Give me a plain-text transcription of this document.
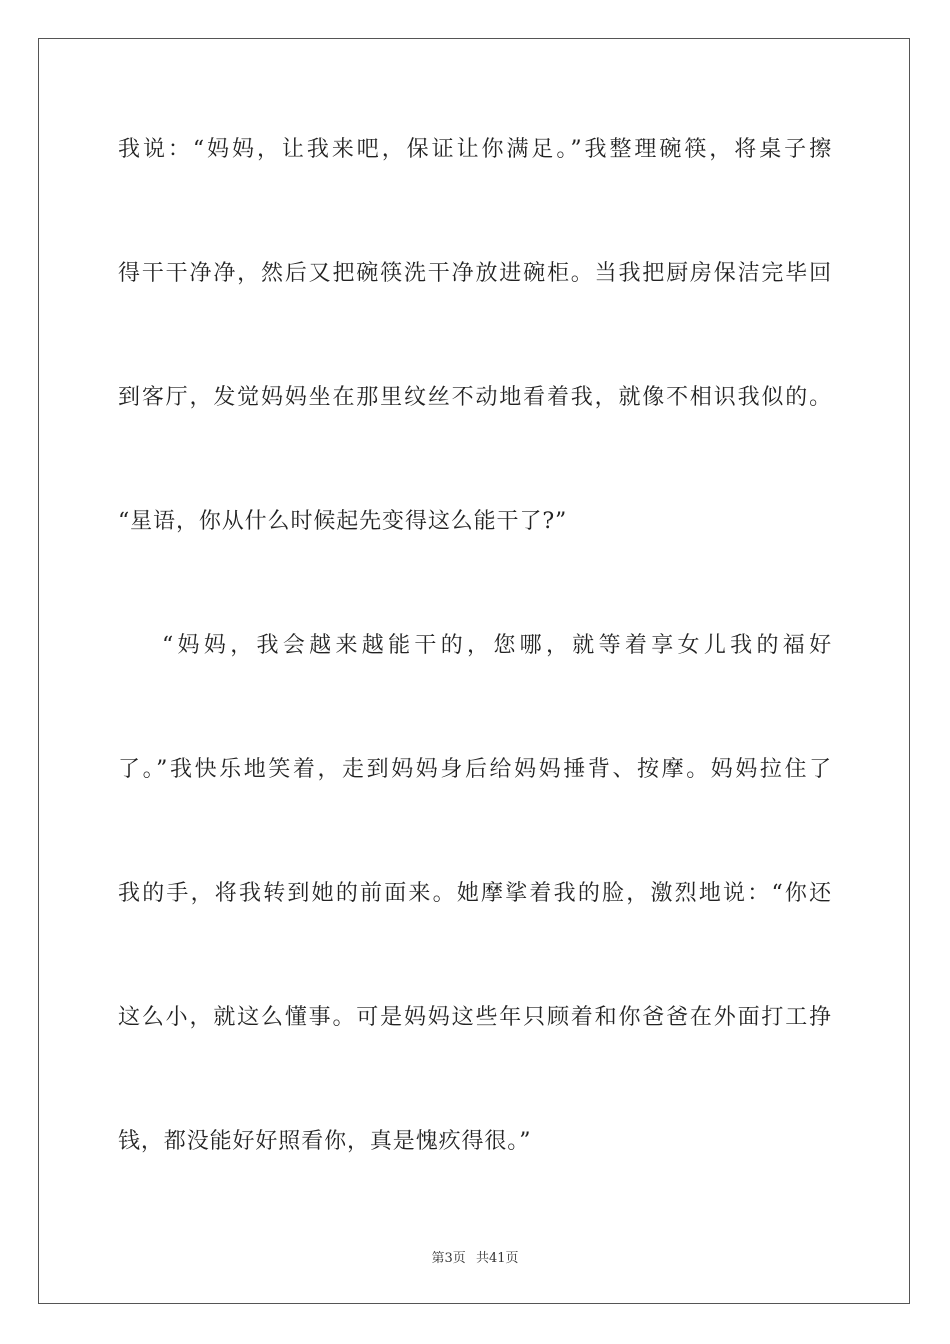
我说：“妈妈，让我来吧，保证让你满足。”我整理碗筷，将桌子擦
得干干净净，然后又把碗筷洗干净放进碗柜。当我把厨房保洁完毕回
到客厅，发觉妈妈坐在那里纹丝不动地看着我，就像不相识我似的。
“星语，你从什么时候起先变得这么能干了?”
“妈妈，我会越来越能干的，您哪，就等着享女儿我的福好
了。”我快乐地笑着，走到妈妈身后给妈妈捶背、按摩。妈妈拉住了
我的手，将我转到她的前面来。她摩挲着我的脸，激烈地说：“你还
这么小，就这么懂事。可是妈妈这些年只顾着和你爸爸在外面打工挣
钱，都没能好好照看你，真是愧疚得很。”
第3页 共41页
